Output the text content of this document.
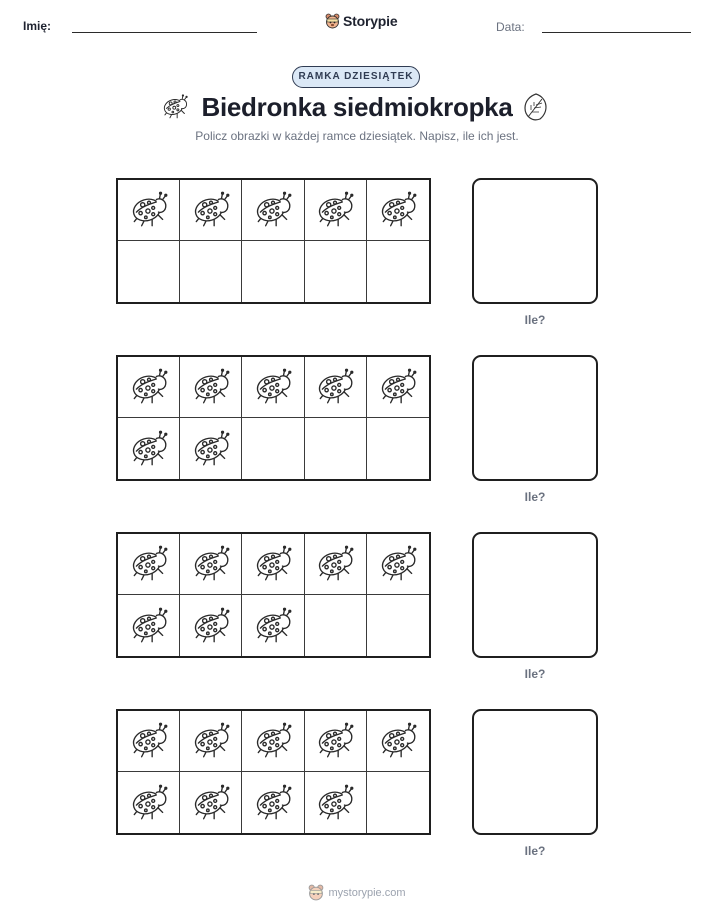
Imię:	Storypie	Data:
RAMKA DZIESIĄTEK
Biedronka siedmiokropka
Policz obrazki w każdej ramce dziesiątek. Napisz, ile ich jest.
Ile?
Ile?
Ile?
Ile?
mystorypie.com
